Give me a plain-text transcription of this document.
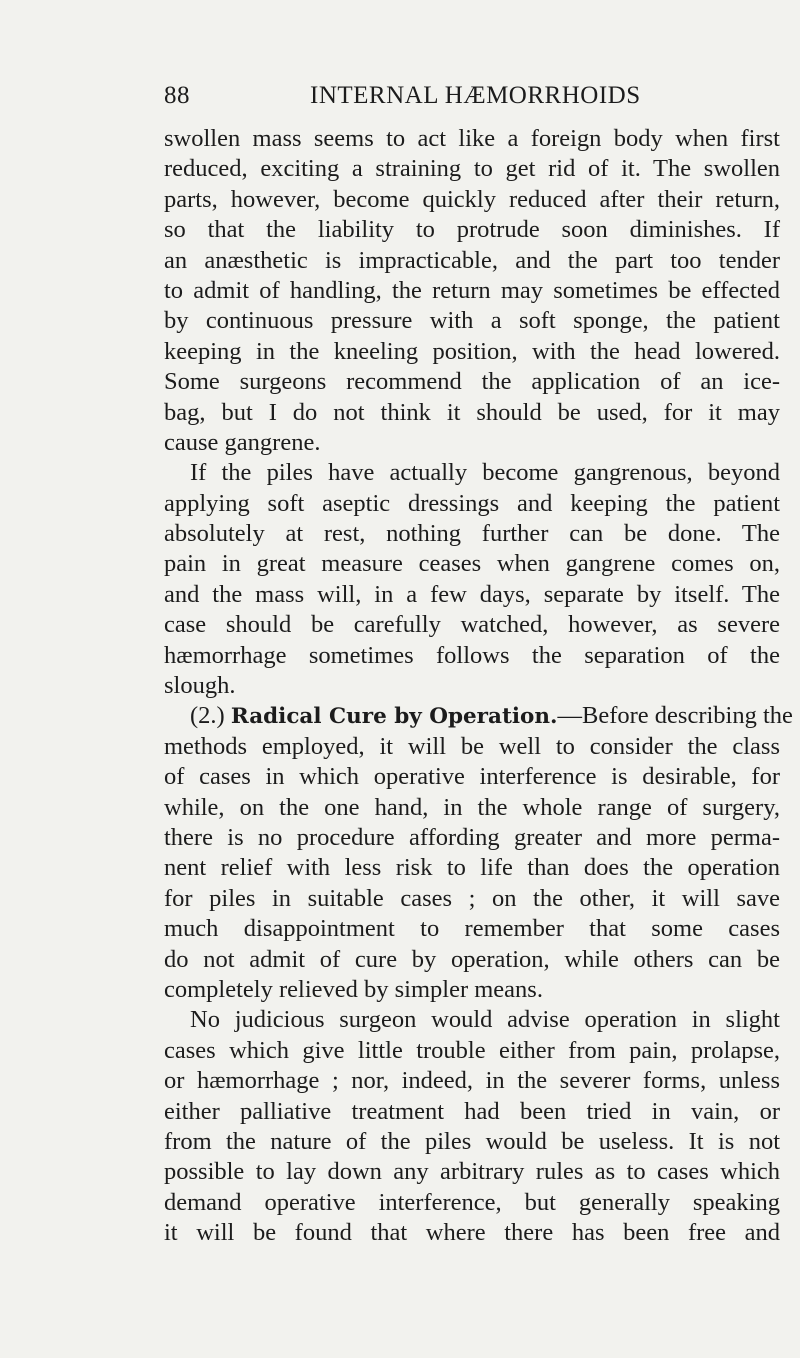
88	INTERNAL HÆMORRHOIDS

swollen mass seems to act like a foreign body when first

reduced, exciting a straining to get rid of it. The swollen

parts, however, become quickly reduced after their return,

so that the liability to protrude soon diminishes. If

an anæsthetic is impracticable, and the part too tender

to admit of handling, the return may sometimes be effected

by continuous pressure with a soft sponge, the patient

keeping in the kneeling position, with the head lowered.

Some surgeons recommend the application of an ice-

bag, but I do not think it should be used, for it may

cause gangrene.

If the piles have actually become gangrenous, beyond

applying soft aseptic dressings and keeping the patient

absolutely at rest, nothing further can be done. The

pain in great measure ceases when gangrene comes on,

and the mass will, in a few days, separate by itself. The

case should be carefully watched, however, as severe

hæmorrhage sometimes follows the separation of the

slough.

(2.) Radical Cure by Operation.—Before describing the

methods employed, it will be well to consider the class

of cases in which operative interference is desirable, for

while, on the one hand, in the whole range of surgery,

there is no procedure affording greater and more perma-

nent relief with less risk to life than does the operation

for piles in suitable cases ; on the other, it will save

much disappointment to remember that some cases

do not admit of cure by operation, while others can be

completely relieved by simpler means.

No judicious surgeon would advise operation in slight

cases which give little trouble either from pain, prolapse,

or hæmorrhage ; nor, indeed, in the severer forms, unless

either palliative treatment had been tried in vain, or

from the nature of the piles would be useless. It is not

possible to lay down any arbitrary rules as to cases which

demand operative interference, but generally speaking

it will be found that where there has been free and
